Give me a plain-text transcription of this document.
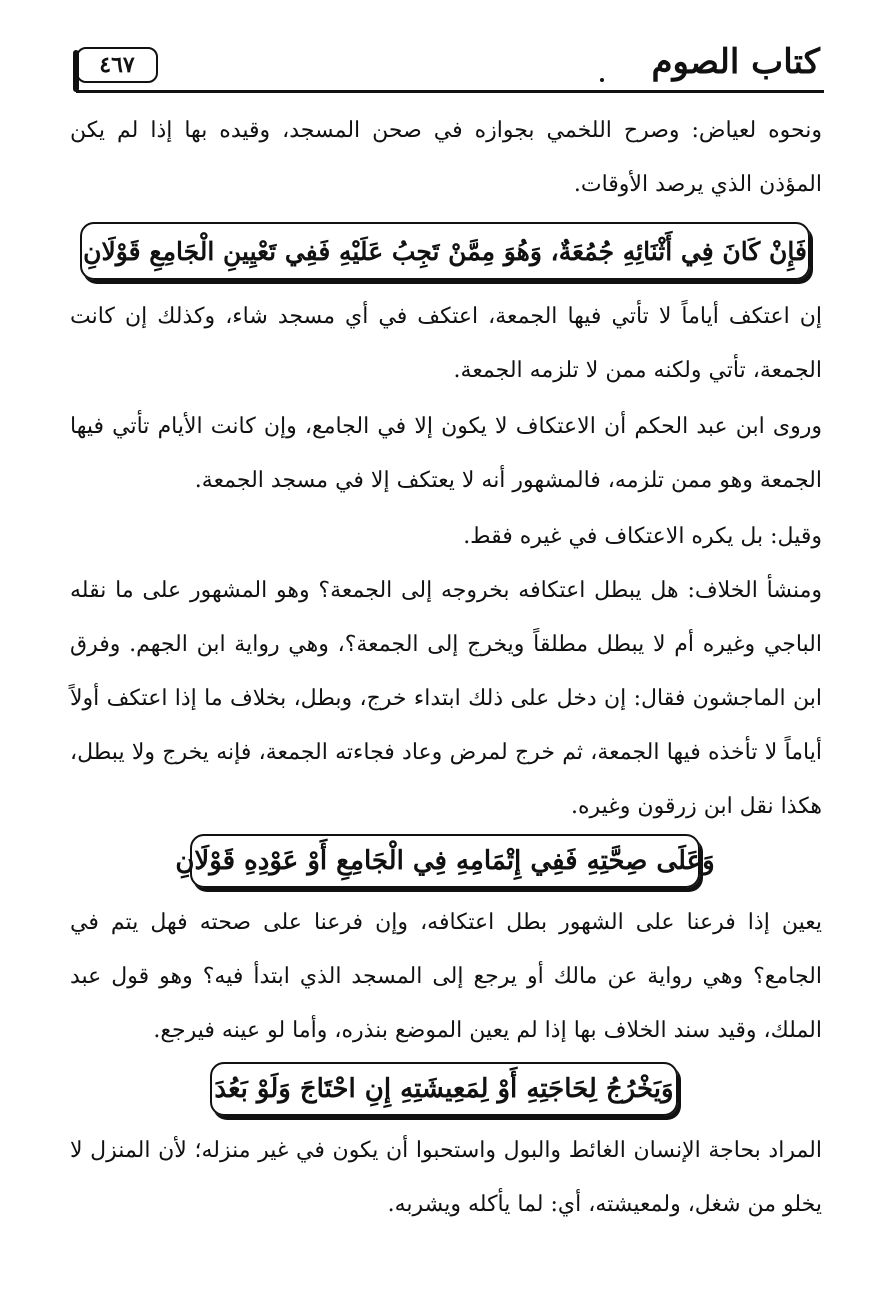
كتاب الصوم
٤٦٧

ونحوه لعياض: وصرح اللخمي بجوازه في صحن المسجد، وقيده بها إذا لم يكن المؤذن الذي يرصد الأوقات.

فَإِنْ كَانَ فِي أَثْنَائِهِ جُمُعَةٌ، وَهُوَ مِمَّنْ تَجِبُ عَلَيْهِ فَفِي تَعْيِينِ الْجَامِعِ قَوْلَانِ

إن اعتكف أياماً لا تأتي فيها الجمعة، اعتكف في أي مسجد شاء، وكذلك إن كانت الجمعة، تأتي ولكنه ممن لا تلزمه الجمعة.

وروى ابن عبد الحكم أن الاعتكاف لا يكون إلا في الجامع، وإن كانت الأيام تأتي فيها الجمعة وهو ممن تلزمه، فالمشهور أنه لا يعتكف إلا في مسجد الجمعة.

وقيل: بل يكره الاعتكاف في غيره فقط.

ومنشأ الخلاف: هل يبطل اعتكافه بخروجه إلى الجمعة؟ وهو المشهور على ما نقله الباجي وغيره أم لا يبطل مطلقاً ويخرج إلى الجمعة؟، وهي رواية ابن الجهم. وفرق ابن الماجشون فقال: إن دخل على ذلك ابتداء خرج، وبطل، بخلاف ما إذا اعتكف أولاً أياماً لا تأخذه فيها الجمعة، ثم خرج لمرض وعاد فجاءته الجمعة، فإنه يخرج ولا يبطل، هكذا نقل ابن زرقون وغيره.

وَعَلَى صِحَّتِهِ فَفِي إِتْمَامِهِ فِي الْجَامِعِ أَوْ عَوْدِهِ قَوْلَانِ

يعين إذا فرعنا على الشهور بطل اعتكافه، وإن فرعنا على صحته فهل يتم في الجامع؟ وهي رواية عن مالك أو يرجع إلى المسجد الذي ابتدأ فيه؟ وهو قول عبد الملك، وقيد سند الخلاف بها إذا لم يعين الموضع بنذره، وأما لو عينه فيرجع.

وَيَخْرُجُ لِحَاجَتِهِ أَوْ لِمَعِيشَتِهِ إِنِ احْتَاجَ وَلَوْ بَعُدَ

المراد بحاجة الإنسان الغائط والبول واستحبوا أن يكون في غير منزله؛ لأن المنزل لا يخلو من شغل، ولمعيشته، أي: لما يأكله ويشربه.
